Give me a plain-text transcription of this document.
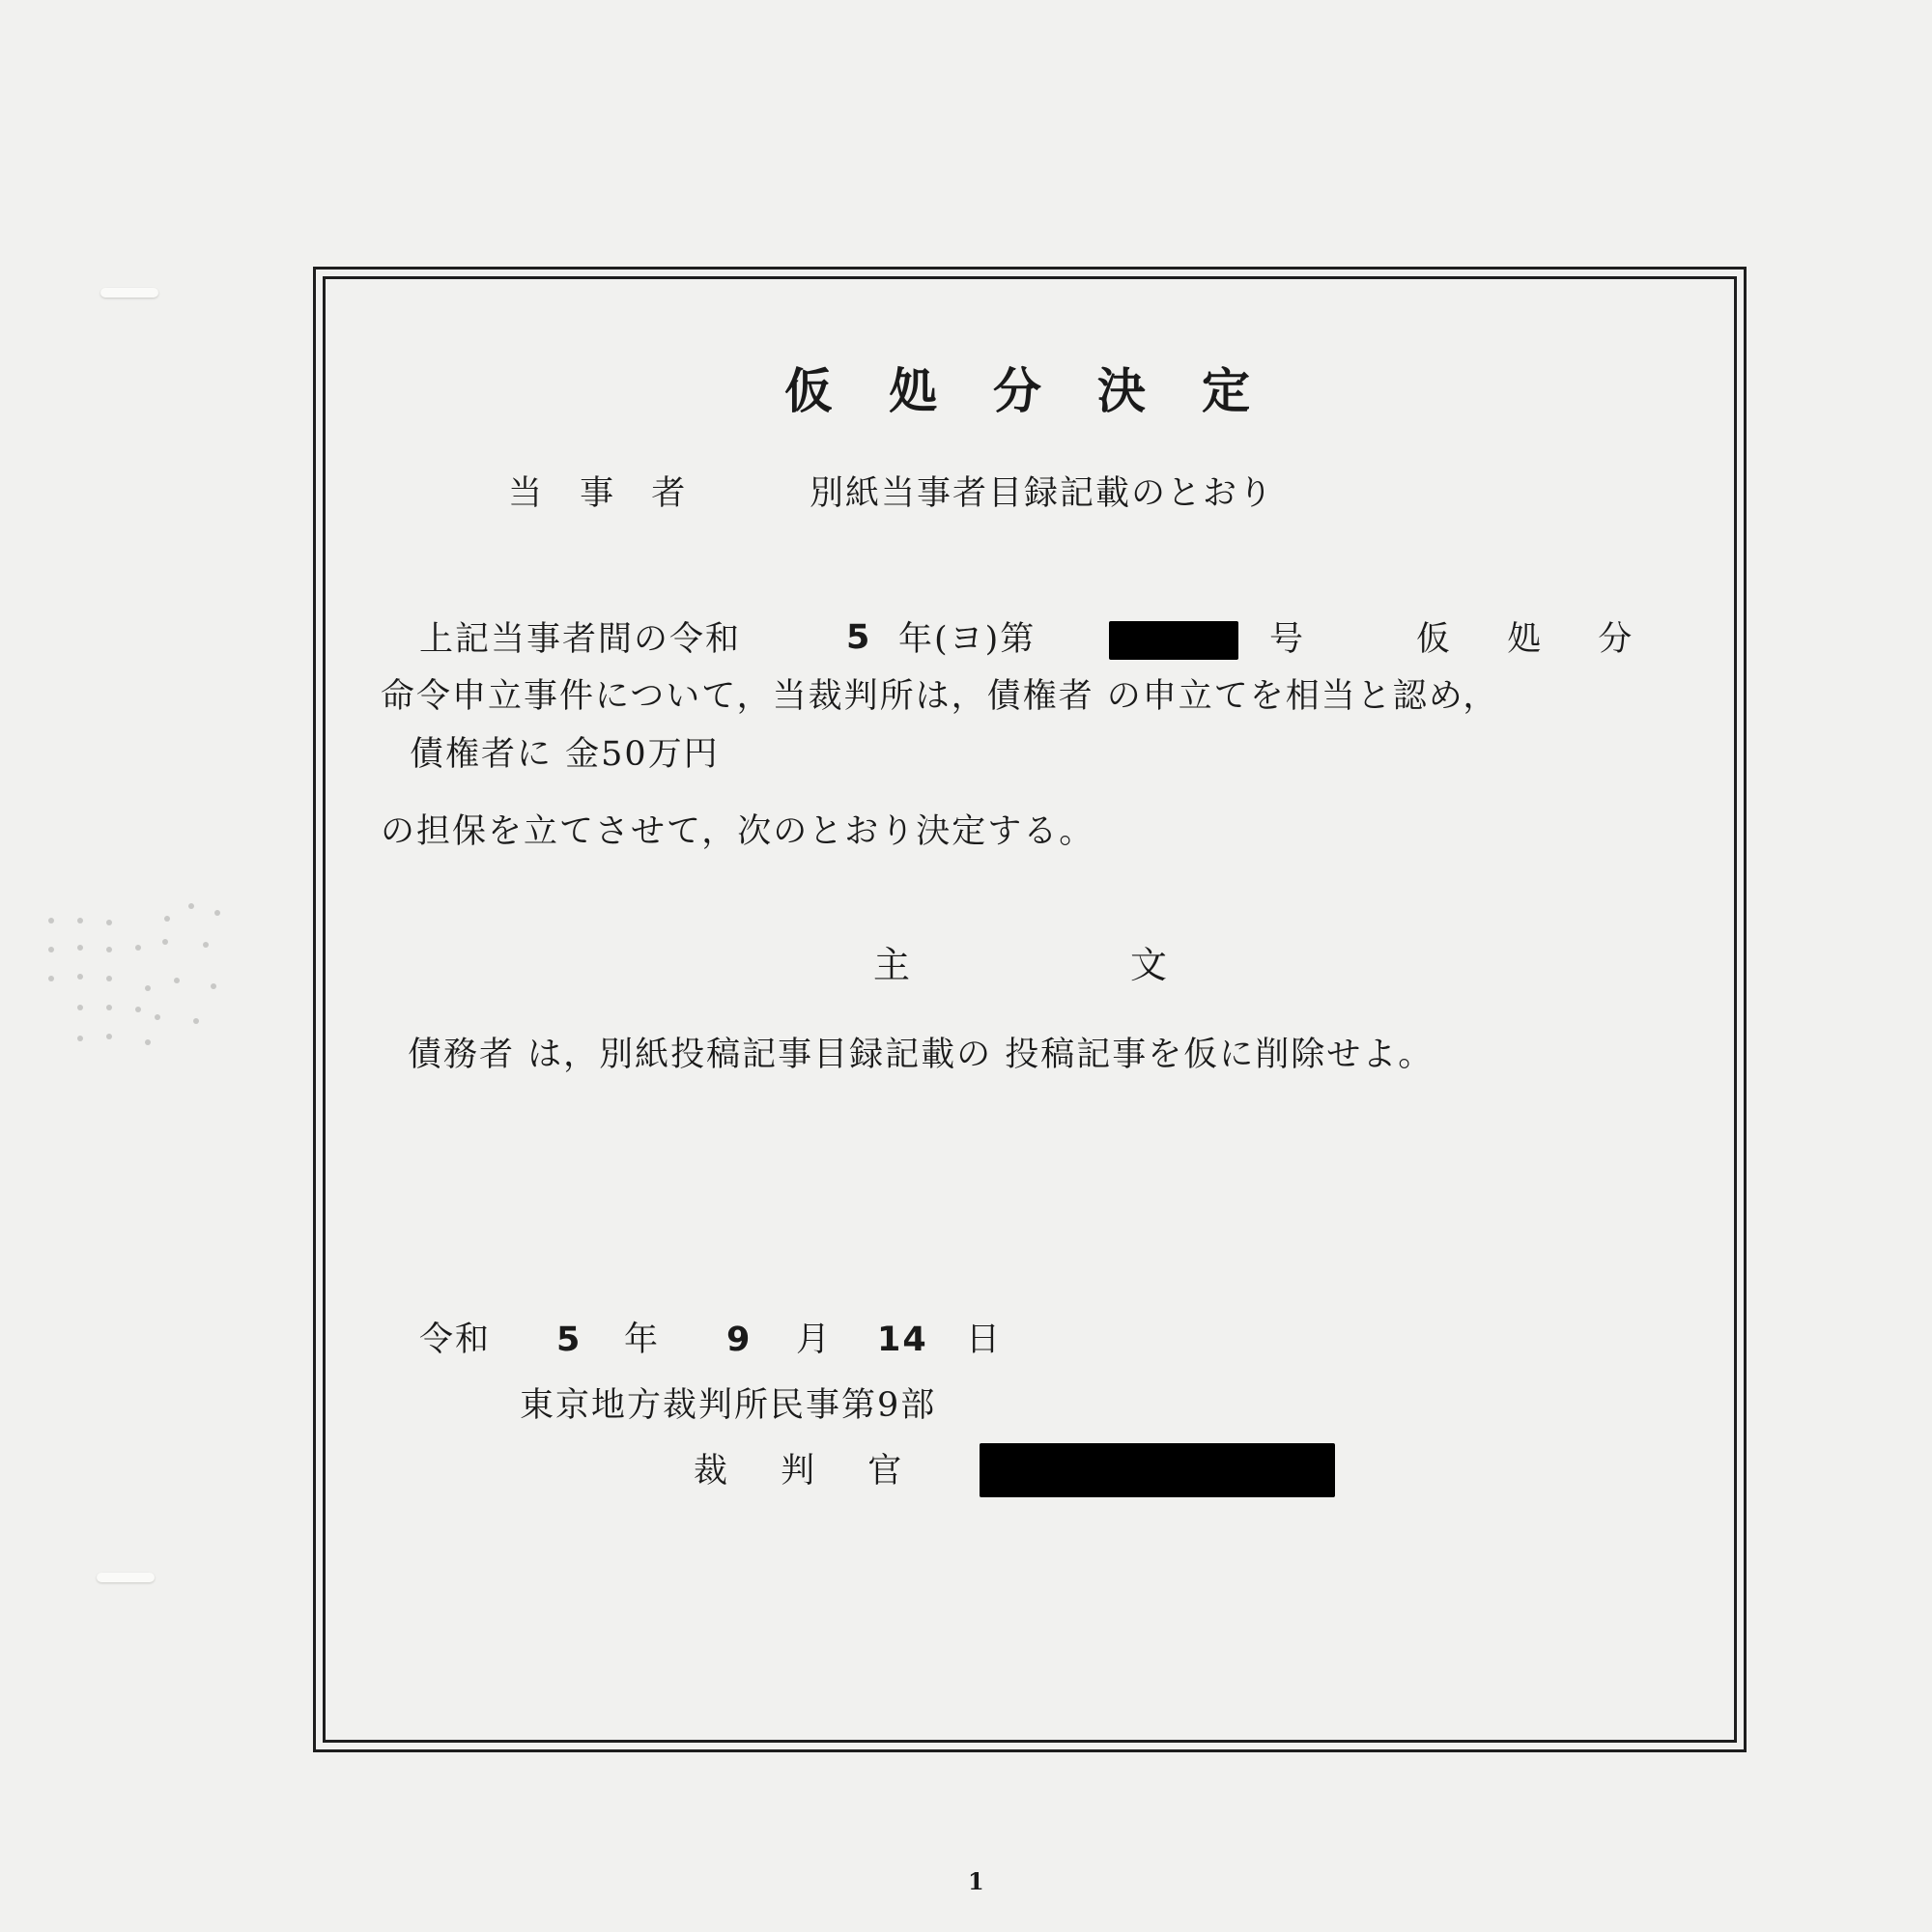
仮処分決定
当 事 者	別紙当事者目録記載のとおり
上記当事者間の令和	5 年(ヨ)第	号	仮 処 分
命令申立事件について，当裁判所は，債権者 の申立てを相当と認め，
債権者に 金50万円
の担保を立てさせて，次のとおり決定する。
主	文
債務者 は，別紙投稿記事目録記載の 投稿記事を仮に削除せよ。
令和 5 年 9 月 14 日
東京地方裁判所民事第9部
裁 判 官
1
